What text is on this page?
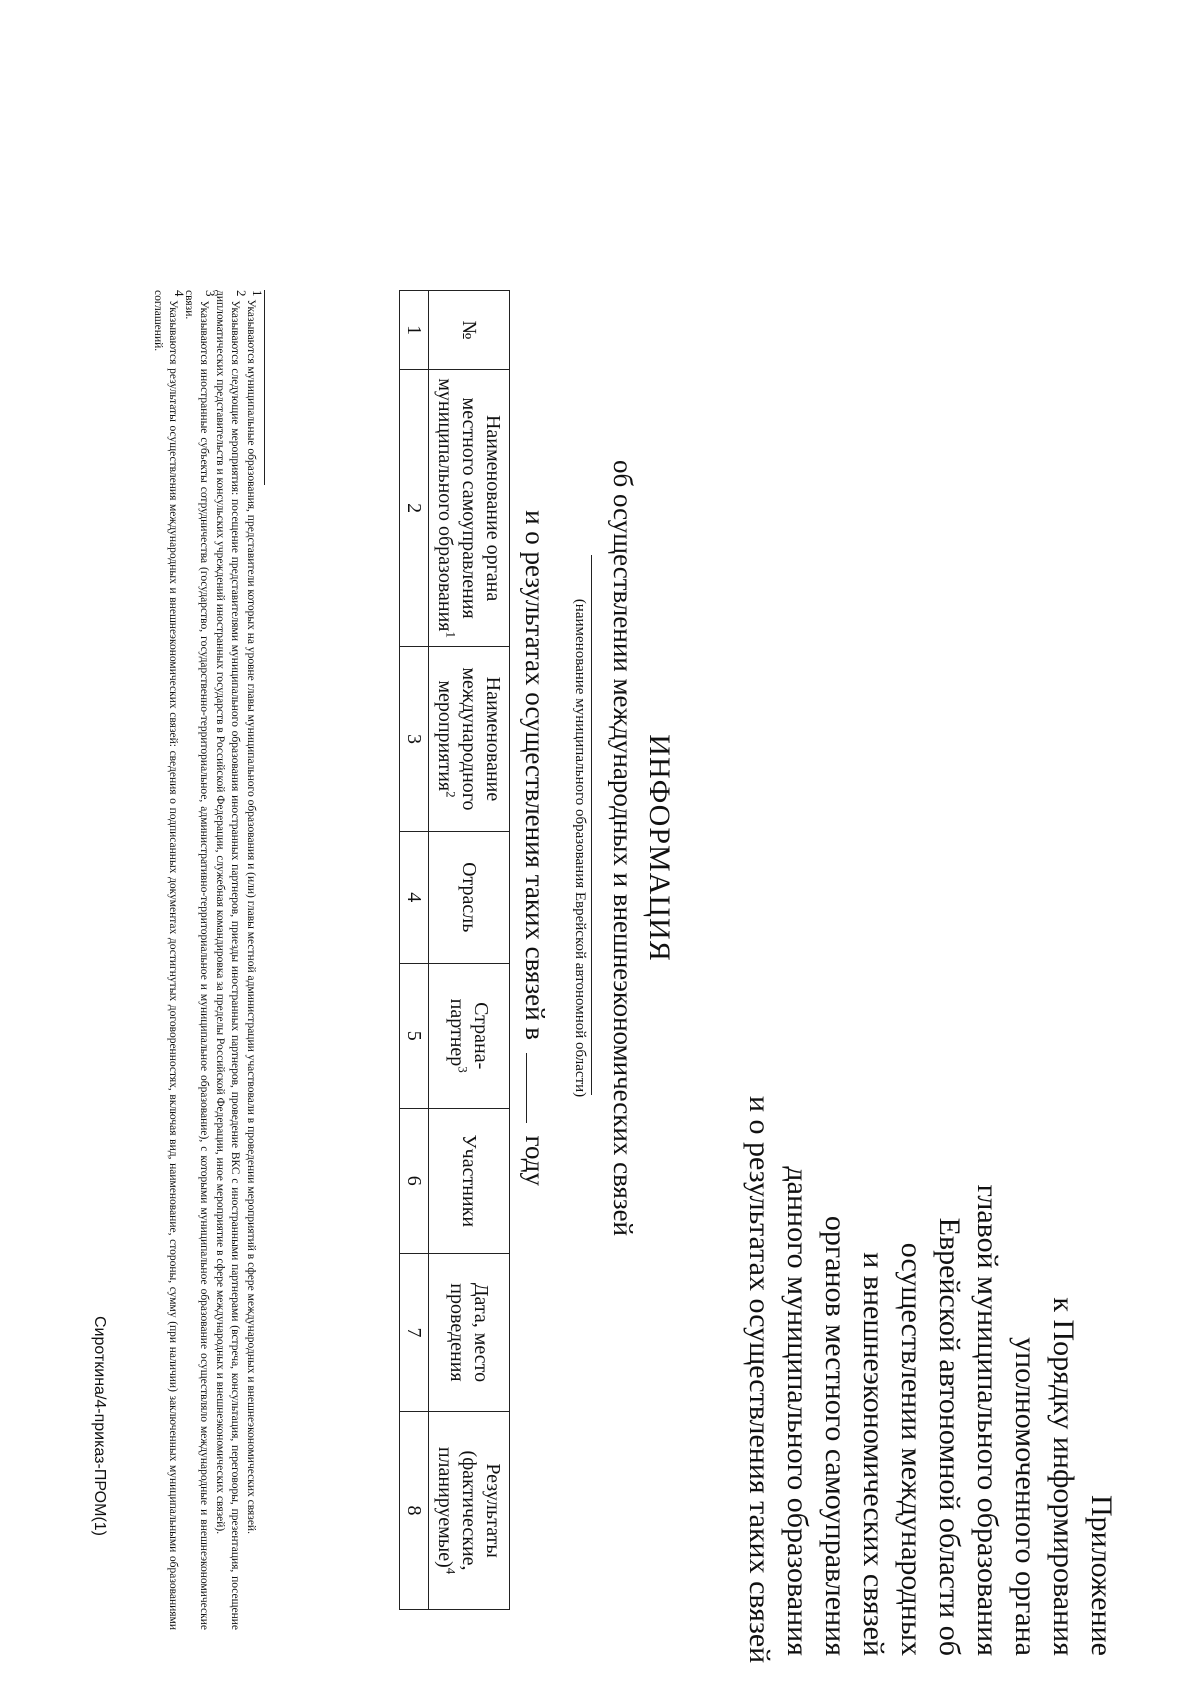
Приложение
к Порядку информирования
уполномоченного органа
главой муниципального образования
Еврейской автономной области об
осуществлении международных
и внешнеэкономических связей
органов местного самоуправления
данного муниципального образования
и о результатах осуществления таких связей
ИНФОРМАЦИЯ
об осуществлении международных и внешнеэкономических связей
(наименование муниципального образования Еврейской автономной области)
и о результатах осуществления таких связей в  году
№	Наименование органа местного самоуправления муниципального образования$^1$	Наименование международного мероприятия$^2$	Отрасль	Страна-партнер$^3$	Участники	Дата, место проведения	Результаты (фактические, планируемые)$^4$
1	2	3	4	5	6	7	8

$^1$ Указываются муниципальные образования, представители которых на уровне главы муниципального образования и (или) главы местной администрации участвовали в проведении мероприятий в сфере международных и внешнеэкономических связей.

$^2$ Указываются следующие мероприятия: посещение представителями муниципального образования иностранных партнеров, приезды иностранных партнеров, проведение ВКС с иностранными партнерами (встреча, консультация, переговоры, презентация, посещение дипломатических представительств и консульских учреждений иностранных государств в Российской Федерации, служебная командировка за пределы Российской Федерации, иное мероприятие в сфере международных и внешнеэкономических связей).

$^3$ Указываются иностранные субъекты сотрудничества (государство, государственно-территориальное, административно-территориальное и муниципальное образование), с которыми муниципальное образование осуществляло международные и внешнеэкономические связи.

$^4$ Указываются результаты осуществления международных и внешнеэкономических связей: сведения о подписанных документах достигнутых договоренностях, включая вид, наименование, стороны, сумму (при наличии) заключенных муниципальными образованиями соглашений.

Сироткина/4-приказ-ПРОМ(1)
